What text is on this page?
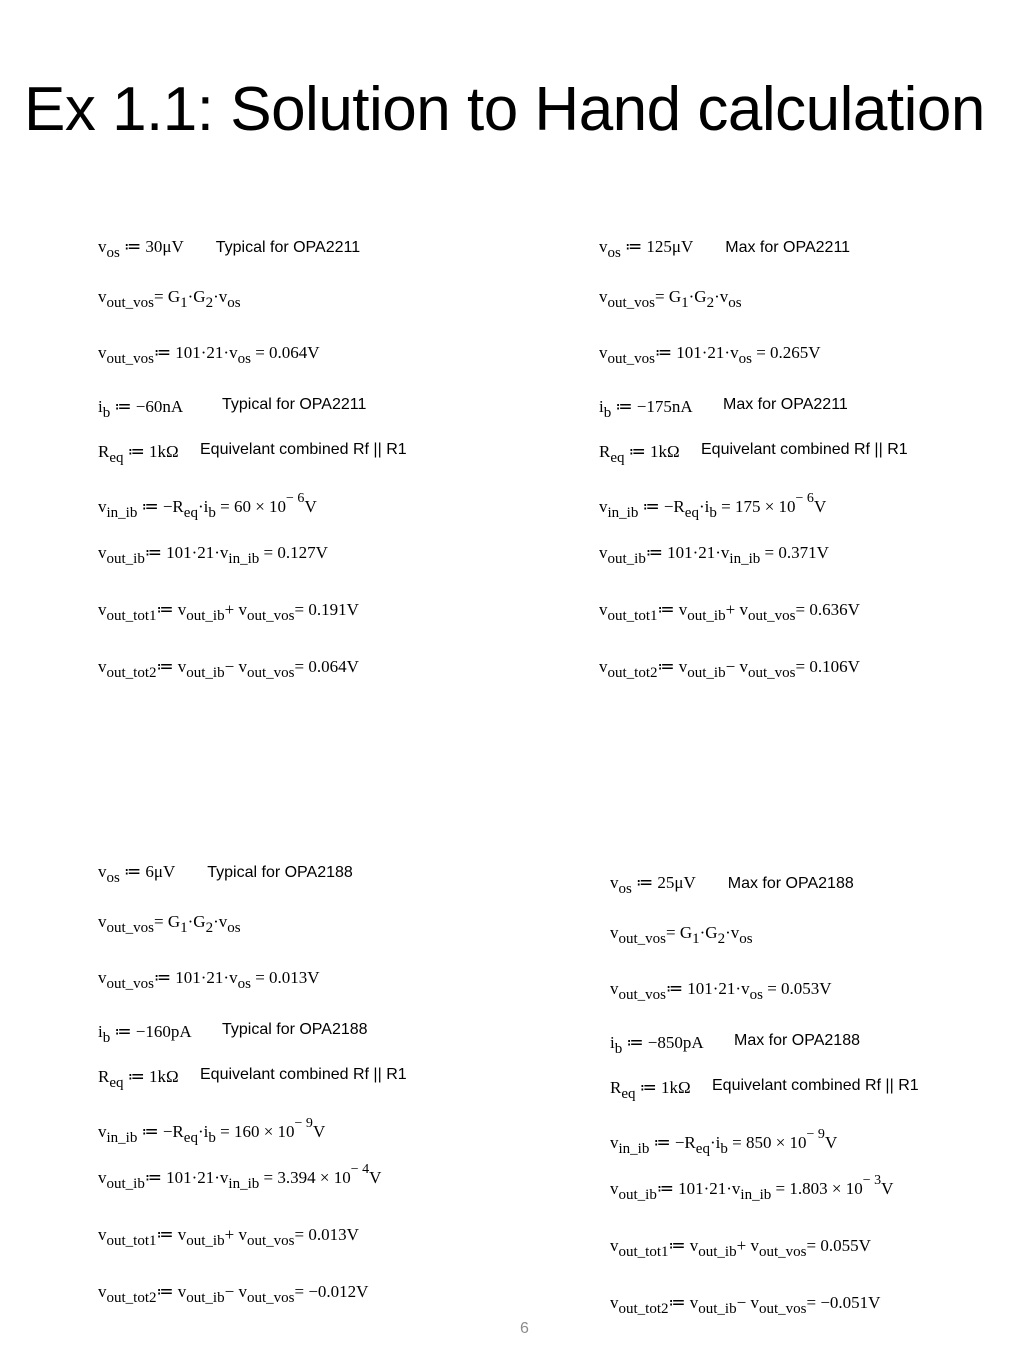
Ex 1.1: Solution to Hand calculation
$v_{os}$ ≔ 30μV Typical for OPA2211
$v_{out\_vos}= G_1\cdot G_2\cdot v_{os}$
$v_{out\_vos}≔$ $101\cdot 21\cdot v_{os} = 0.064V$
$i_b$ ≔ −60nA Typical for OPA2211
$R_{eq}$ ≔ 1kΩ Equivelant combined Rf || R1
$v_{in\_ib}$ ≔ $-R_{eq}\cdot i_b = 60 \times 10^{- 6}V$
$v_{out\_ib}≔$ $101\cdot 21\cdot v_{in\_ib} = 0.127V$
$v_{out\_tot1}≔$ $v_{out\_ib}+ v_{out\_vos}= 0.191V$
$v_{out\_tot2}≔$ $v_{out\_ib}- v_{out\_vos}= 0.064V$
$v_{os}$ ≔ 125μV Max for OPA2211
$v_{out\_vos}= G_1\cdot G_2\cdot v_{os}$
$v_{out\_vos}≔$ $101\cdot 21\cdot v_{os} = 0.265V$
$i_b$ ≔ −175nA Max for OPA2211
$R_{eq}$ ≔ 1kΩ Equivelant combined Rf || R1
$v_{in\_ib}$ ≔ $-R_{eq}\cdot i_b = 175 \times 10^{- 6}V$
$v_{out\_ib}≔$ $101\cdot 21\cdot v_{in\_ib} = 0.371V$
$v_{out\_tot1}≔$ $v_{out\_ib}+ v_{out\_vos}= 0.636V$
$v_{out\_tot2}≔$ $v_{out\_ib}- v_{out\_vos}= 0.106V$
$v_{os}$ ≔ 6μV Typical for OPA2188
$v_{out\_vos}= G_1\cdot G_2\cdot v_{os}$
$v_{out\_vos}≔$ $101\cdot 21\cdot v_{os} = 0.013V$
$i_b$ ≔ −160pA Typical for OPA2188
$R_{eq}$ ≔ 1kΩ Equivelant combined Rf || R1
$v_{in\_ib}$ ≔ $-R_{eq}\cdot i_b = 160 \times 10^{- 9}V$
$v_{out\_ib}≔$ $101\cdot 21\cdot v_{in\_ib} = 3.394 \times 10^{- 4}V$
$v_{out\_tot1}≔$ $v_{out\_ib}+ v_{out\_vos}= 0.013V$
$v_{out\_tot2}≔$ $v_{out\_ib}- v_{out\_vos}= -0.012V$
$v_{os}$ ≔ 25μV Max for OPA2188
$v_{out\_vos}= G_1\cdot G_2\cdot v_{os}$
$v_{out\_vos}≔$ $101\cdot 21\cdot v_{os} = 0.053V$
$i_b$ ≔ −850pA Max for OPA2188
$R_{eq}$ ≔ 1kΩ Equivelant combined Rf || R1
$v_{in\_ib}$ ≔ $-R_{eq}\cdot i_b = 850 \times 10^{- 9}V$
$v_{out\_ib}≔$ $101\cdot 21\cdot v_{in\_ib} = 1.803 \times 10^{- 3}V$
$v_{out\_tot1}≔$ $v_{out\_ib}+ v_{out\_vos}= 0.055V$
$v_{out\_tot2}≔$ $v_{out\_ib}- v_{out\_vos}= -0.051V$
6
